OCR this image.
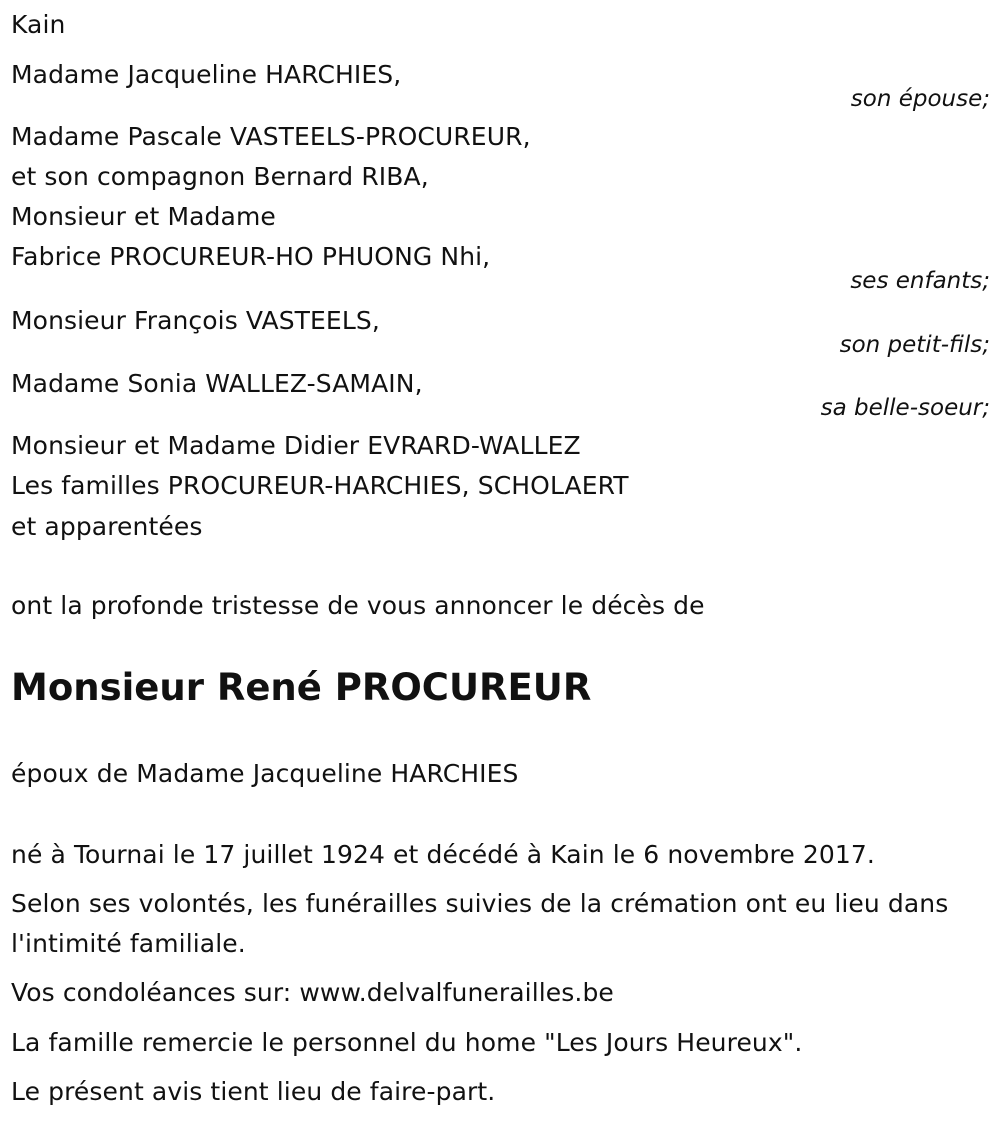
Kain
Madame Jacqueline HARCHIES,
son épouse;
Madame Pascale VASTEELS-PROCUREUR,
et son compagnon Bernard RIBA,
Monsieur et Madame
Fabrice PROCUREUR-HO PHUONG Nhi,
ses enfants;
Monsieur François VASTEELS,
son petit-fils;
Madame Sonia WALLEZ-SAMAIN,
sa belle-soeur;
Monsieur et Madame Didier EVRARD-WALLEZ
Les familles PROCUREUR-HARCHIES, SCHOLAERT
et apparentées
ont la profonde tristesse de vous annoncer le décès de
Monsieur René PROCUREUR
époux de Madame Jacqueline HARCHIES
né à Tournai le 17 juillet 1924 et décédé à Kain le 6 novembre 2017.
Selon ses volontés, les funérailles suivies de la crémation ont eu lieu dans
l'intimité familiale.
Vos condoléances sur: www.delvalfunerailles.be
La famille remercie le personnel du home "Les Jours Heureux".
Le présent avis tient lieu de faire-part.
